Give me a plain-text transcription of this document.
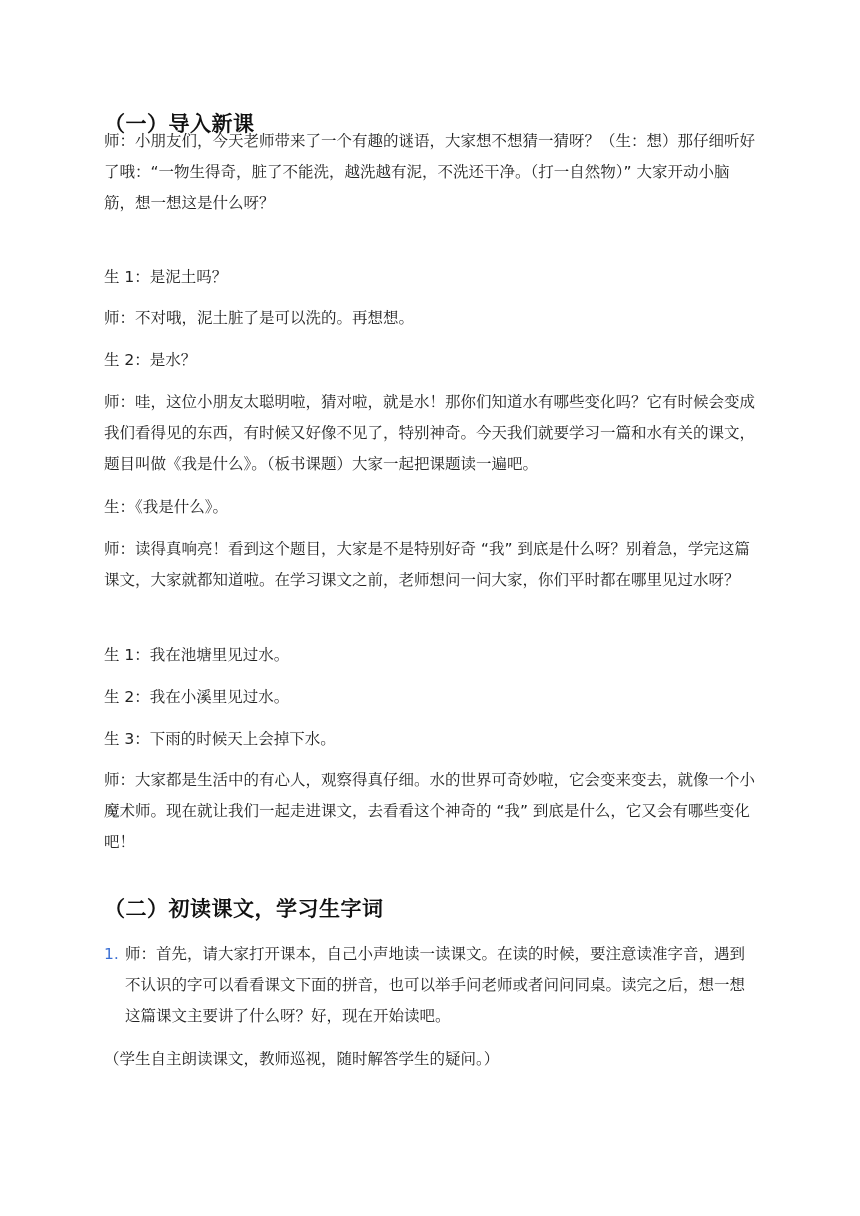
（一）导入新课

师：小朋友们，今天老师带来了一个有趣的谜语，大家想不想猜一猜呀？（生：想）那仔细听好了哦：“一物生得奇，脏了不能洗，越洗越有泥，不洗还干净。（打一自然物）” 大家开动小脑筋，想一想这是什么呀？

生 1：是泥土吗？

师：不对哦，泥土脏了是可以洗的。再想想。

生 2：是水？

师：哇，这位小朋友太聪明啦，猜对啦，就是水！那你们知道水有哪些变化吗？它有时候会变成我们看得见的东西，有时候又好像不见了，特别神奇。今天我们就要学习一篇和水有关的课文，题目叫做《我是什么》。（板书课题）大家一起把课题读一遍吧。

生：《我是什么》。

师：读得真响亮！看到这个题目，大家是不是特别好奇 “我” 到底是什么呀？别着急，学完这篇课文，大家就都知道啦。在学习课文之前，老师想问一问大家，你们平时都在哪里见过水呀？

生 1：我在池塘里见过水。

生 2：我在小溪里见过水。

生 3：下雨的时候天上会掉下水。

师：大家都是生活中的有心人，观察得真仔细。水的世界可奇妙啦，它会变来变去，就像一个小魔术师。现在就让我们一起走进课文，去看看这个神奇的 “我” 到底是什么，它又会有哪些变化吧！

（二）初读课文，学习生字词
1. 师：首先，请大家打开课本，自己小声地读一读课文。在读的时候，要注意读准字音，遇到不认识的字可以看看课文下面的拼音，也可以举手问老师或者问问同桌。读完之后，想一想这篇课文主要讲了什么呀？好，现在开始读吧。

（学生自主朗读课文，教师巡视，随时解答学生的疑问。）
